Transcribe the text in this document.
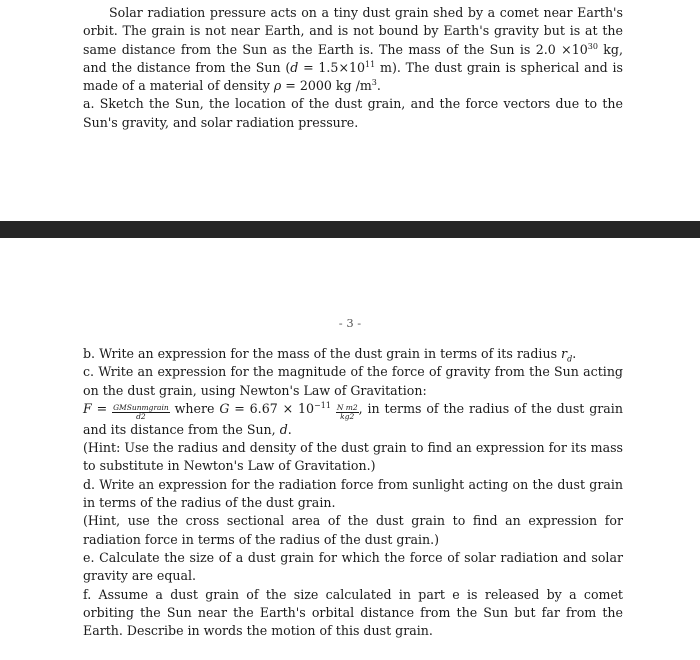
Solar radiation pressure acts on a tiny dust grain shed by a comet near Earth's orbit. The grain is not near Earth, and is not bound by Earth's gravity but is at the same distance from the Sun as the Earth is. The mass of the Sun is $2.0 \times 10^{30}$ kg, and the distance from the Sun ($d = 1.5\times 10^{11}$ m). The dust grain is spherical and is made of a material of density ρ = 2000 kg $/m^3$.

a. Sketch the Sun, the location of the dust grain, and the force vectors due to the Sun's gravity, and solar radiation pressure.

- 3 -

b. Write an expression for the mass of the dust grain in terms of its radius $r_d$.

c. Write an expression for the magnitude of the force of gravity from the Sun acting on the dust grain, using Newton's Law of Gravitation:
$F = \frac{\text{GMSunmgrain}}{d2}$ where $G = 6.67 \times 10^{-11} \frac{\text{N m2}}{kg2}$ , in terms of the radius of the dust grain and its distance from the Sun, d.

(Hint: Use the radius and density of the dust grain to find an expression for its mass to substitute in Newton's Law of Gravitation.)

d. Write an expression for the radiation force from sunlight acting on the dust grain in terms of the radius of the dust grain.

(Hint, use the cross sectional area of the dust grain to find an expression for radiation force in terms of the radius of the dust grain.)

e. Calculate the size of a dust grain for which the force of solar radiation and solar gravity are equal.

f. Assume a dust grain of the size calculated in part e is released by a comet orbiting the Sun near the Earth's orbital distance from the Sun but far from the Earth. Describe in words the motion of this dust grain.
